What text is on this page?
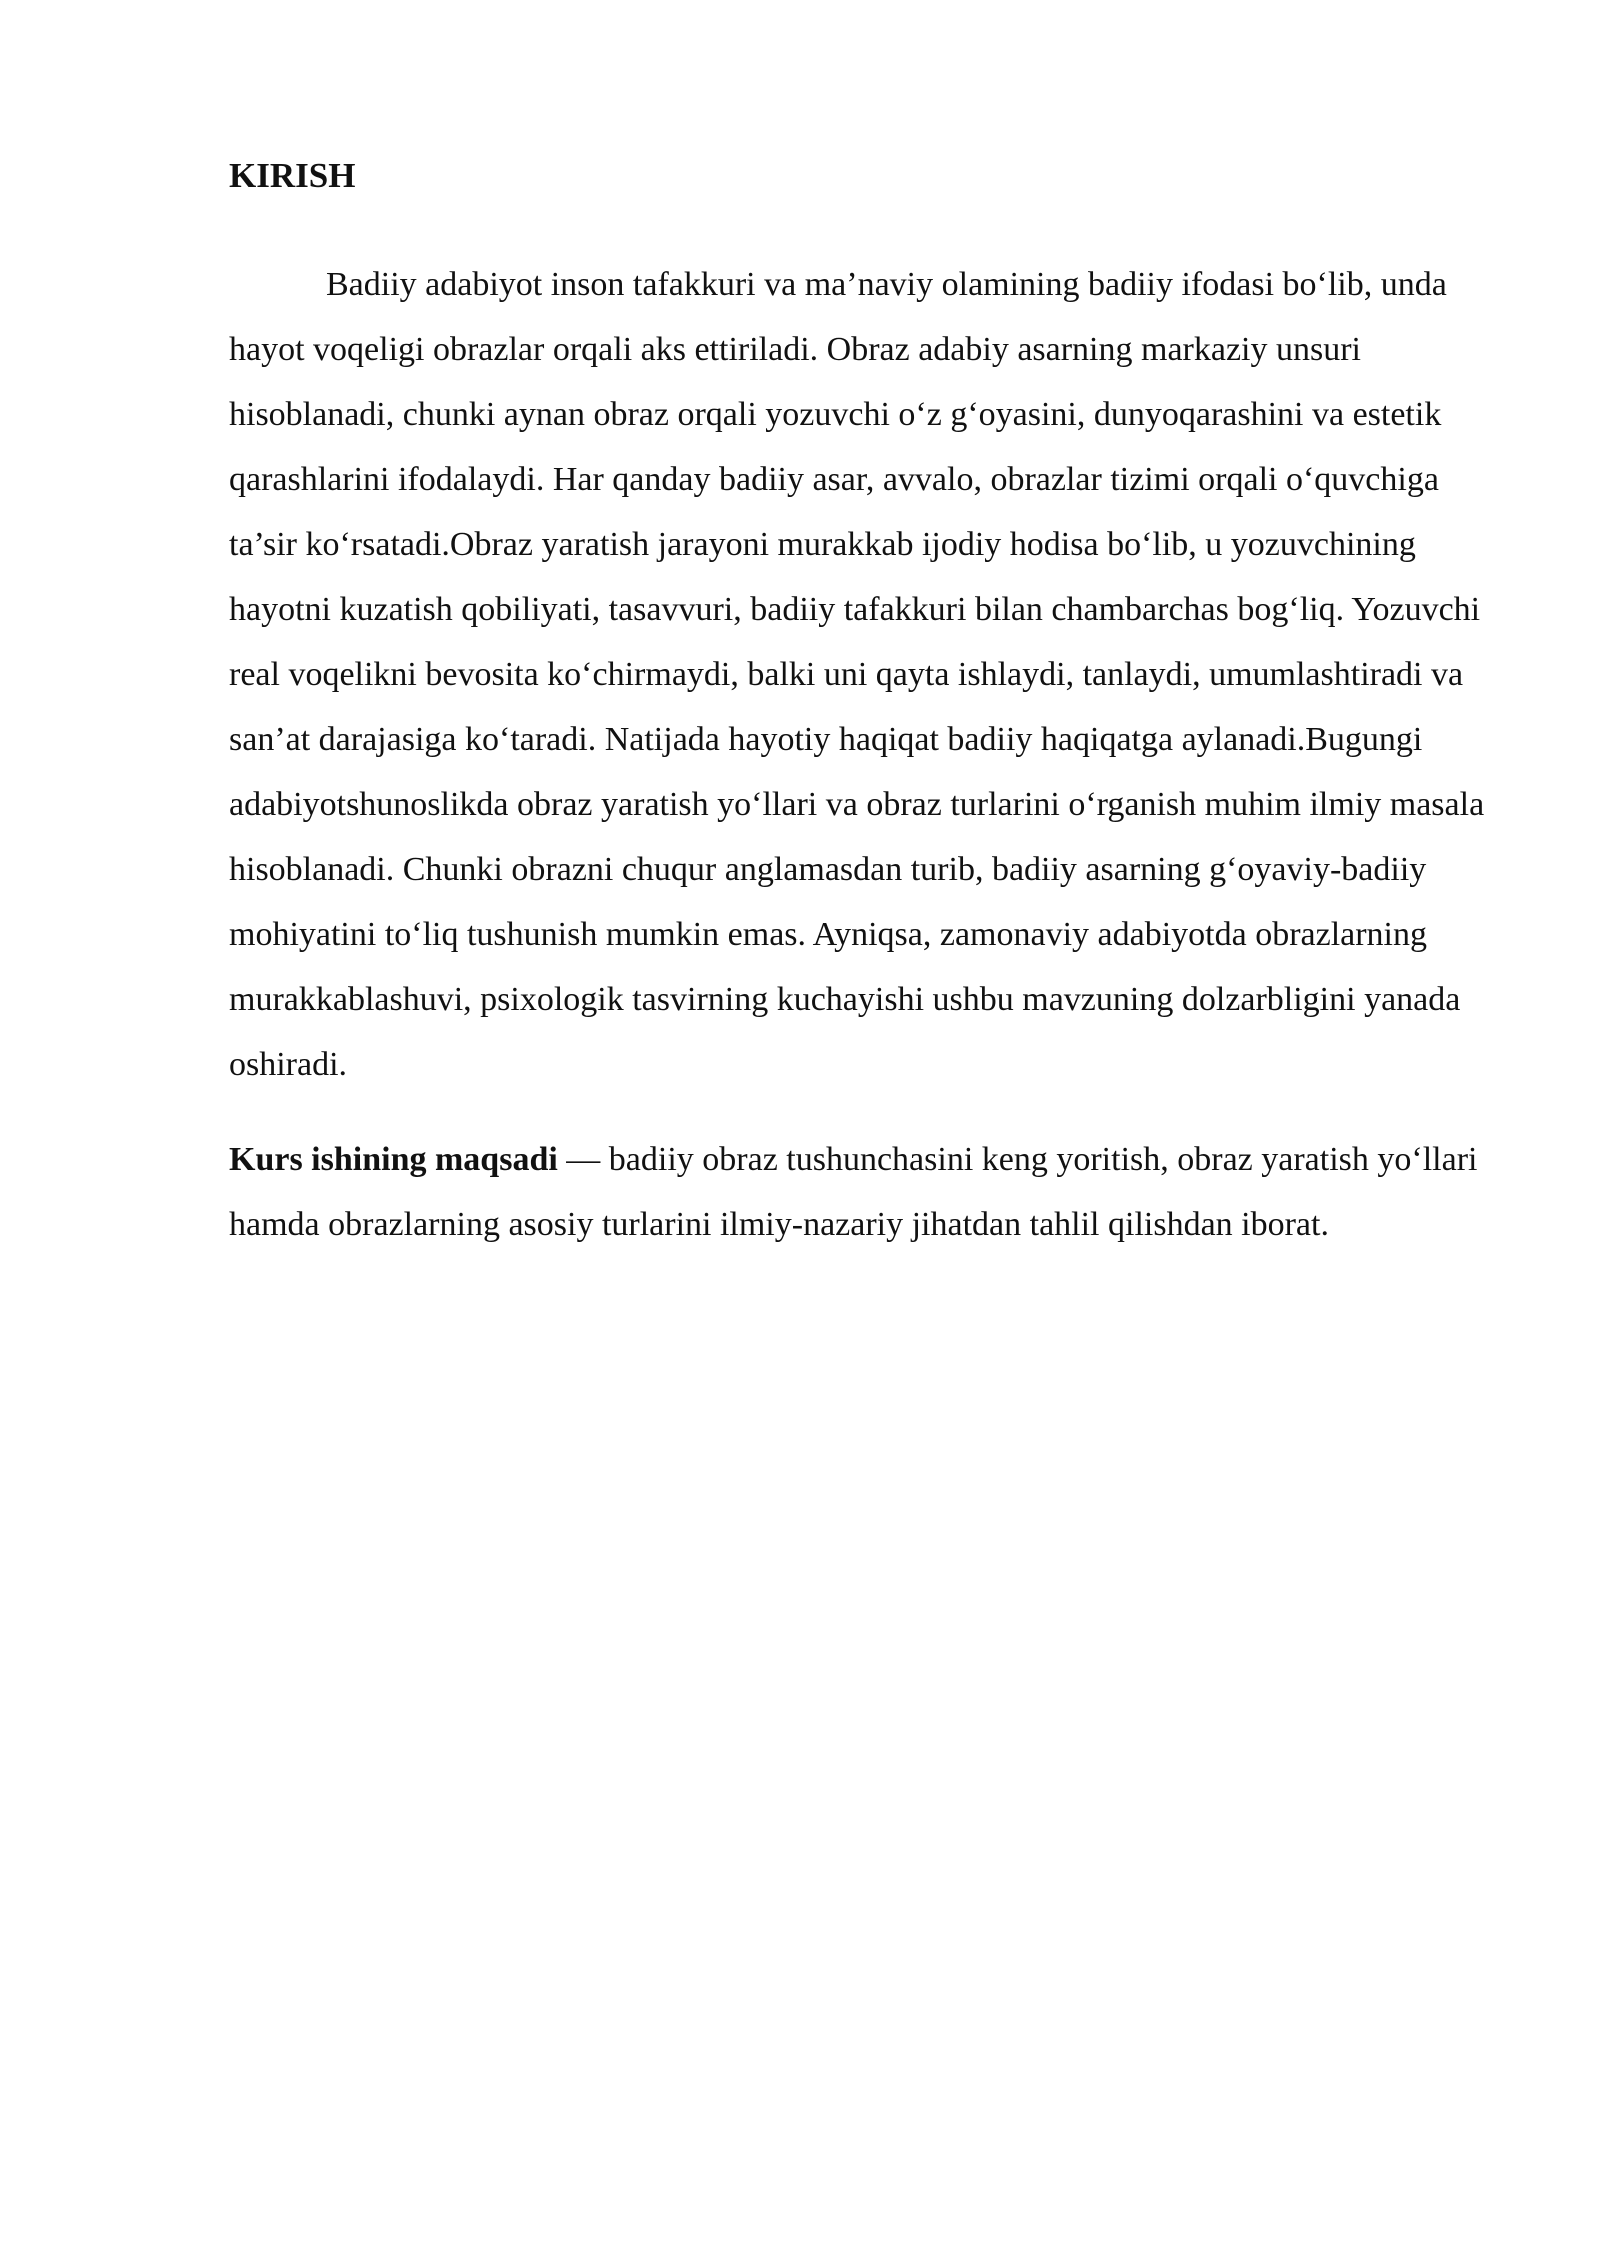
KIRISH

Badiiy adabiyot inson tafakkuri va ma’naviy olamining badiiy ifodasi bo‘lib, unda hayot voqeligi obrazlar orqali aks ettiriladi. Obraz adabiy asarning markaziy unsuri hisoblanadi, chunki aynan obraz orqali yozuvchi o‘z g‘oyasini, dunyoqarashini va estetik qarashlarini ifodalaydi. Har qanday badiiy asar, avvalo, obrazlar tizimi orqali o‘quvchiga ta’sir ko‘rsatadi.Obraz yaratish jarayoni murakkab ijodiy hodisa bo‘lib, u yozuvchining hayotni kuzatish qobiliyati, tasavvuri, badiiy tafakkuri bilan chambarchas bog‘liq. Yozuvchi real voqelikni bevosita ko‘chirmaydi, balki uni qayta ishlaydi, tanlaydi, umumlashtiradi va san’at darajasiga ko‘taradi. Natijada hayotiy haqiqat badiiy haqiqatga aylanadi.Bugungi adabiyotshunoslikda obraz yaratish yo‘llari va obraz turlarini o‘rganish muhim ilmiy masala hisoblanadi. Chunki obrazni chuqur anglamasdan turib, badiiy asarning g‘oyaviy-badiiy mohiyatini to‘liq tushunish mumkin emas. Ayniqsa, zamonaviy adabiyotda obrazlarning murakkablashuvi, psixologik tasvirning kuchayishi ushbu mavzuning dolzarbligini yanada oshiradi.

Kurs ishining maqsadi — badiiy obraz tushunchasini keng yoritish, obraz yaratish yo‘llari hamda obrazlarning asosiy turlarini ilmiy-nazariy jihatdan tahlil qilishdan iborat.
